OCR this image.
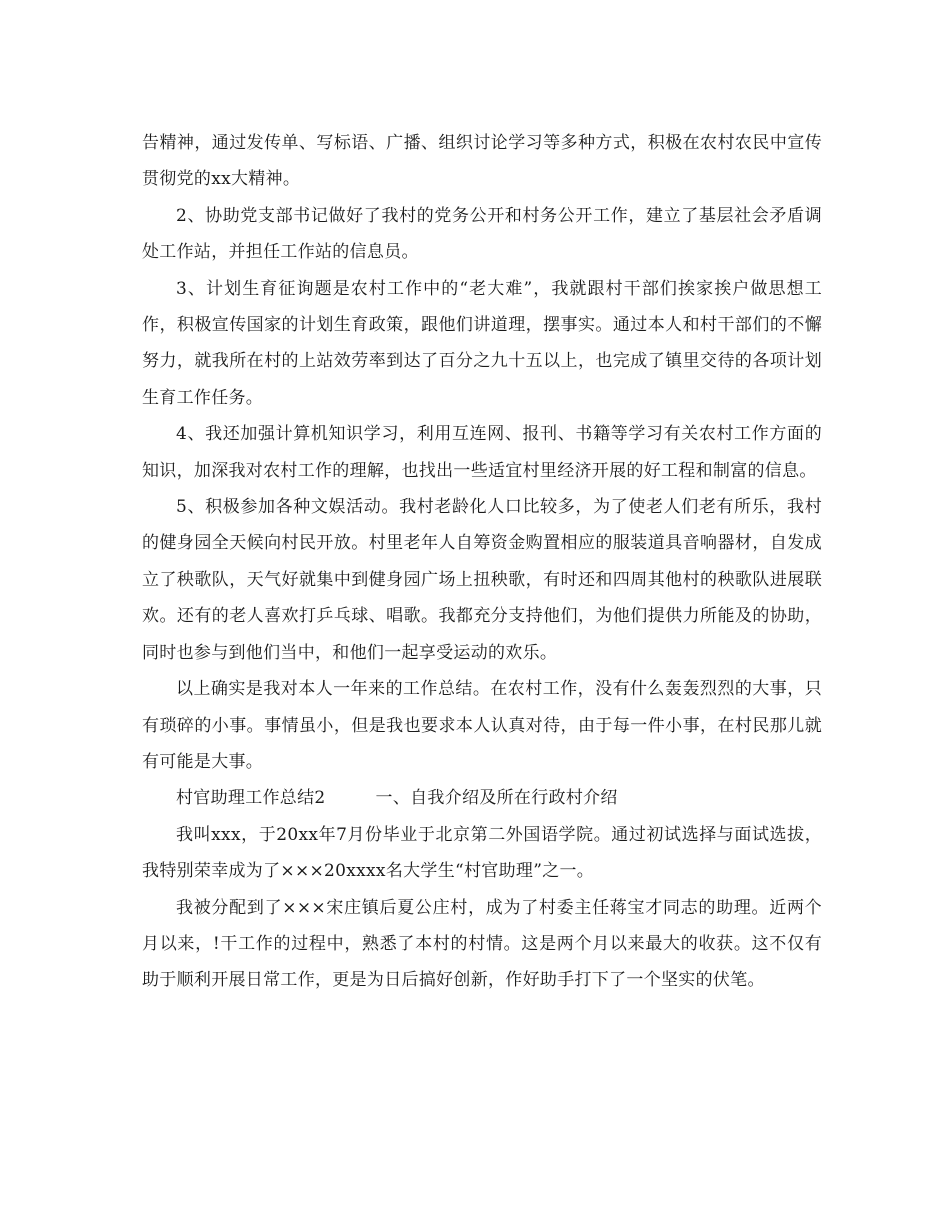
告精神，通过发传单、写标语、广播、组织讨论学习等多种方式，积极在农村农民中宣传贯彻党的xx大精神。

2、协助党支部书记做好了我村的党务公开和村务公开工作，建立了基层社会矛盾调处工作站，并担任工作站的信息员。

3、计划生育征询题是农村工作中的“老大难”，我就跟村干部们挨家挨户做思想工作，积极宣传国家的计划生育政策，跟他们讲道理，摆事实。通过本人和村干部们的不懈努力，就我所在村的上站效劳率到达了百分之九十五以上，也完成了镇里交待的各项计划生育工作任务。

4、我还加强计算机知识学习，利用互连网、报刊、书籍等学习有关农村工作方面的知识，加深我对农村工作的理解，也找出一些适宜村里经济开展的好工程和制富的信息。

5、积极参加各种文娱活动。我村老龄化人口比较多，为了使老人们老有所乐，我村的健身园全天候向村民开放。村里老年人自筹资金购置相应的服装道具音响器材，自发成立了秧歌队，天气好就集中到健身园广场上扭秧歌，有时还和四周其他村的秧歌队进展联欢。还有的老人喜欢打乒乓球、唱歌。我都充分支持他们，为他们提供力所能及的协助，同时也参与到他们当中，和他们一起享受运动的欢乐。

以上确实是我对本人一年来的工作总结。在农村工作，没有什么轰轰烈烈的大事，只有琐碎的小事。事情虽小，但是我也要求本人认真对待，由于每一件小事，在村民那儿就有可能是大事。

村官助理工作总结2	一、自我介绍及所在行政村介绍

我叫xxx，于20xx年7月份毕业于北京第二外国语学院。通过初试选择与面试选拔，我特别荣幸成为了×××20xxxx名大学生“村官助理”之一。

我被分配到了×××宋庄镇后夏公庄村，成为了村委主任蒋宝才同志的助理。近两个月以来，!干工作的过程中，熟悉了本村的村情。这是两个月以来最大的收获。这不仅有助于顺利开展日常工作，更是为日后搞好创新，作好助手打下了一个坚实的伏笔。
